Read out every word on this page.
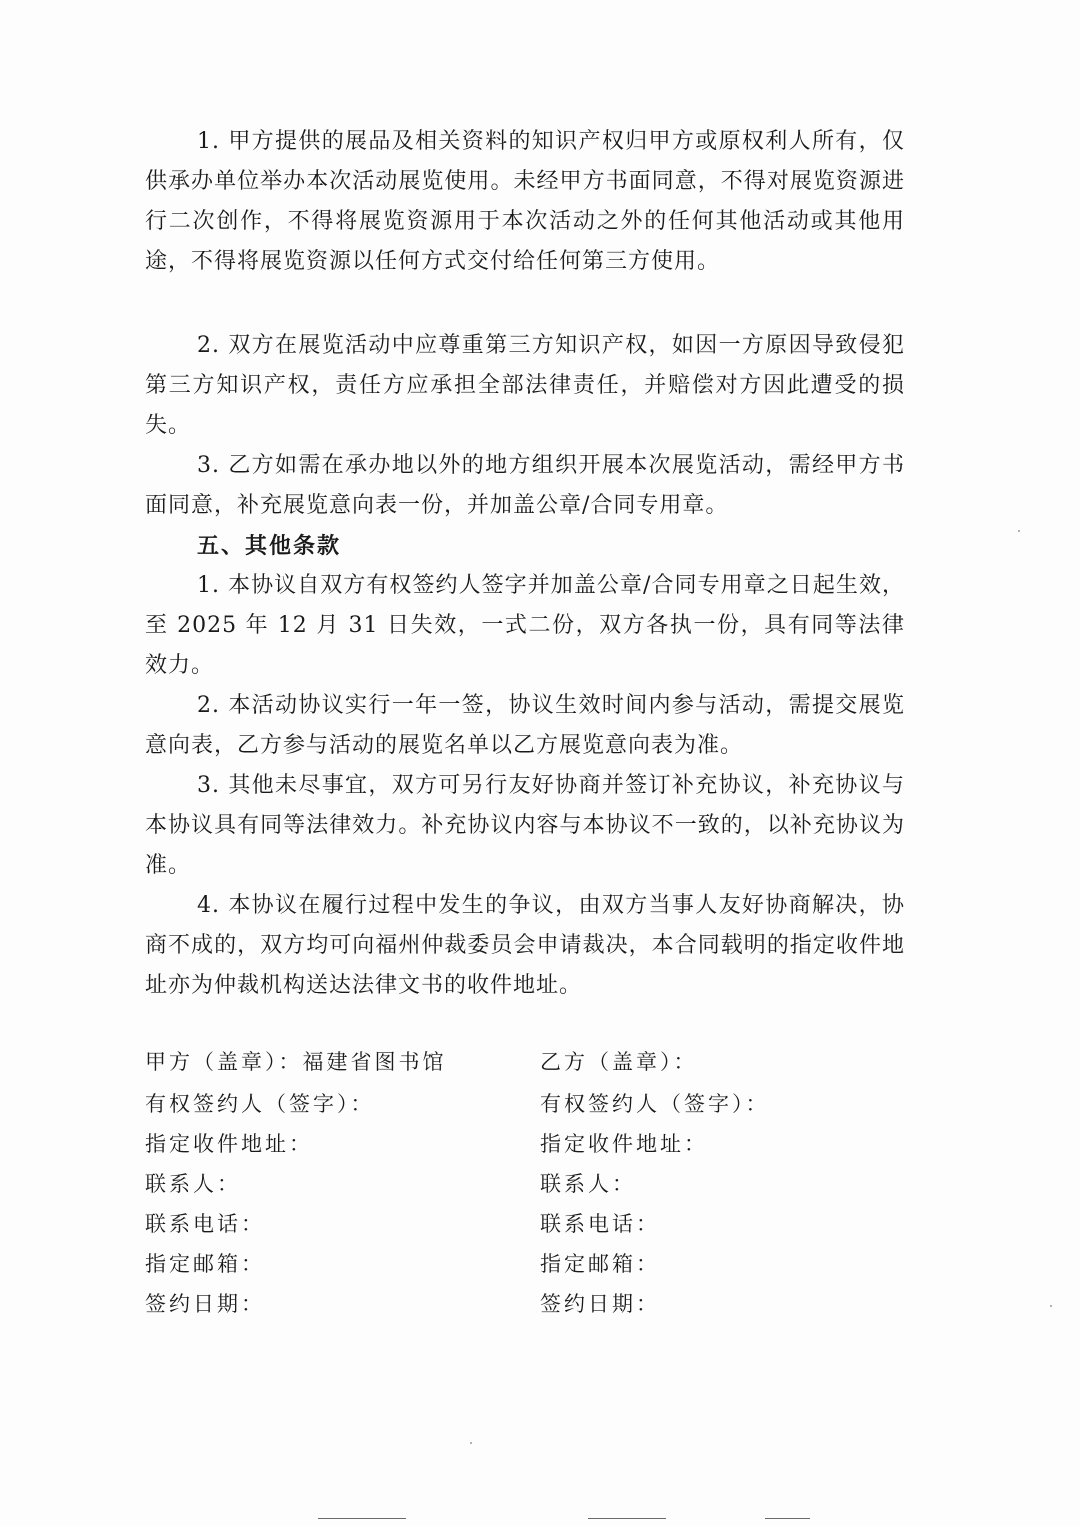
1. 甲方提供的展品及相关资料的知识产权归甲方或原权利人所有，仅供承办单位举办本次活动展览使用。未经甲方书面同意，不得对展览资源进行二次创作，不得将展览资源用于本次活动之外的任何其他活动或其他用途，不得将展览资源以任何方式交付给任何第三方使用。

2. 双方在展览活动中应尊重第三方知识产权，如因一方原因导致侵犯第三方知识产权，责任方应承担全部法律责任，并赔偿对方因此遭受的损失。

3. 乙方如需在承办地以外的地方组织开展本次展览活动，需经甲方书面同意，补充展览意向表一份，并加盖公章/合同专用章。

五、其他条款

1. 本协议自双方有权签约人签字并加盖公章/合同专用章之日起生效，至 2025 年 12 月 31 日失效，一式二份，双方各执一份，具有同等法律效力。

2. 本活动协议实行一年一签，协议生效时间内参与活动，需提交展览意向表，乙方参与活动的展览名单以乙方展览意向表为准。

3. 其他未尽事宜，双方可另行友好协商并签订补充协议，补充协议与本协议具有同等法律效力。补充协议内容与本协议不一致的，以补充协议为准。

4. 本协议在履行过程中发生的争议，由双方当事人友好协商解决，协商不成的，双方均可向福州仲裁委员会申请裁决，本合同载明的指定收件地址亦为仲裁机构送达法律文书的收件地址。

甲方（盖章）：福建省图书馆
有权签约人（签字）：
指定收件地址：
联系人：
联系电话：
指定邮箱：
签约日期：
乙方（盖章）：
有权签约人（签字）：
指定收件地址：
联系人：
联系电话：
指定邮箱：
签约日期：
